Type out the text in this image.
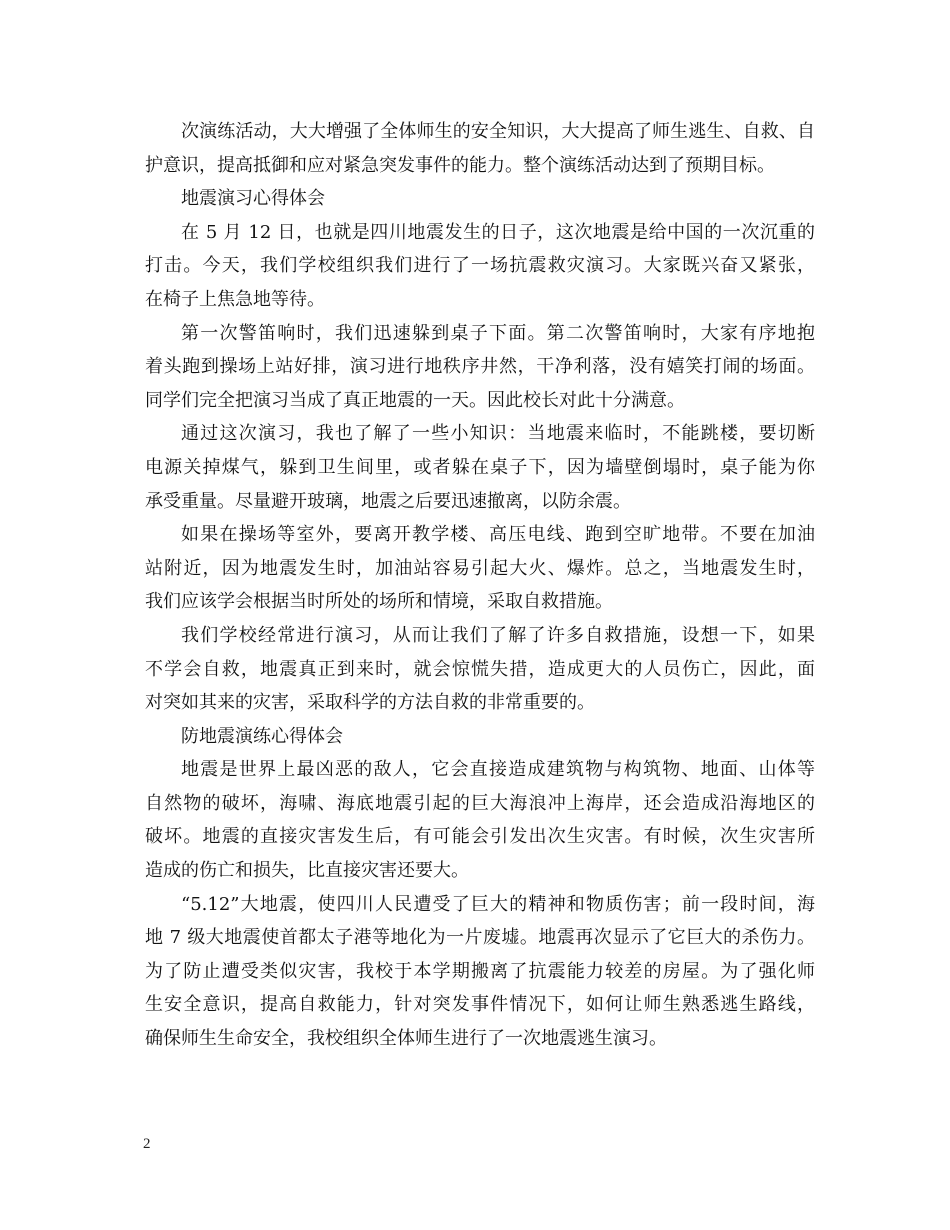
次演练活动，大大增强了全体师生的安全知识，大大提高了师生逃生、自救、自
护意识，提高抵御和应对紧急突发事件的能力。整个演练活动达到了预期目标。
地震演习心得体会
在 5 月 12 日，也就是四川地震发生的日子，这次地震是给中国的一次沉重的
打击。今天，我们学校组织我们进行了一场抗震救灾演习。大家既兴奋又紧张，
在椅子上焦急地等待。
第一次警笛响时，我们迅速躲到桌子下面。第二次警笛响时，大家有序地抱
着头跑到操场上站好排，演习进行地秩序井然，干净利落，没有嬉笑打闹的场面。
同学们完全把演习当成了真正地震的一天。因此校长对此十分满意。
通过这次演习，我也了解了一些小知识：当地震来临时，不能跳楼，要切断
电源关掉煤气，躲到卫生间里，或者躲在桌子下，因为墙壁倒塌时，桌子能为你
承受重量。尽量避开玻璃，地震之后要迅速撤离，以防余震。
如果在操场等室外，要离开教学楼、高压电线、跑到空旷地带。不要在加油
站附近，因为地震发生时，加油站容易引起大火、爆炸。总之，当地震发生时，
我们应该学会根据当时所处的场所和情境，采取自救措施。
我们学校经常进行演习，从而让我们了解了许多自救措施，设想一下，如果
不学会自救，地震真正到来时，就会惊慌失措，造成更大的人员伤亡，因此，面
对突如其来的灾害，采取科学的方法自救的非常重要的。
防地震演练心得体会
地震是世界上最凶恶的敌人，它会直接造成建筑物与构筑物、地面、山体等
自然物的破坏，海啸、海底地震引起的巨大海浪冲上海岸，还会造成沿海地区的
破坏。地震的直接灾害发生后，有可能会引发出次生灾害。有时候，次生灾害所
造成的伤亡和损失，比直接灾害还要大。
“5.12”大地震，使四川人民遭受了巨大的精神和物质伤害；前一段时间，海
地 7 级大地震使首都太子港等地化为一片废墟。地震再次显示了它巨大的杀伤力。
为了防止遭受类似灾害，我校于本学期搬离了抗震能力较差的房屋。为了强化师
生安全意识，提高自救能力，针对突发事件情况下，如何让师生熟悉逃生路线，
确保师生生命安全，我校组织全体师生进行了一次地震逃生演习。
2
